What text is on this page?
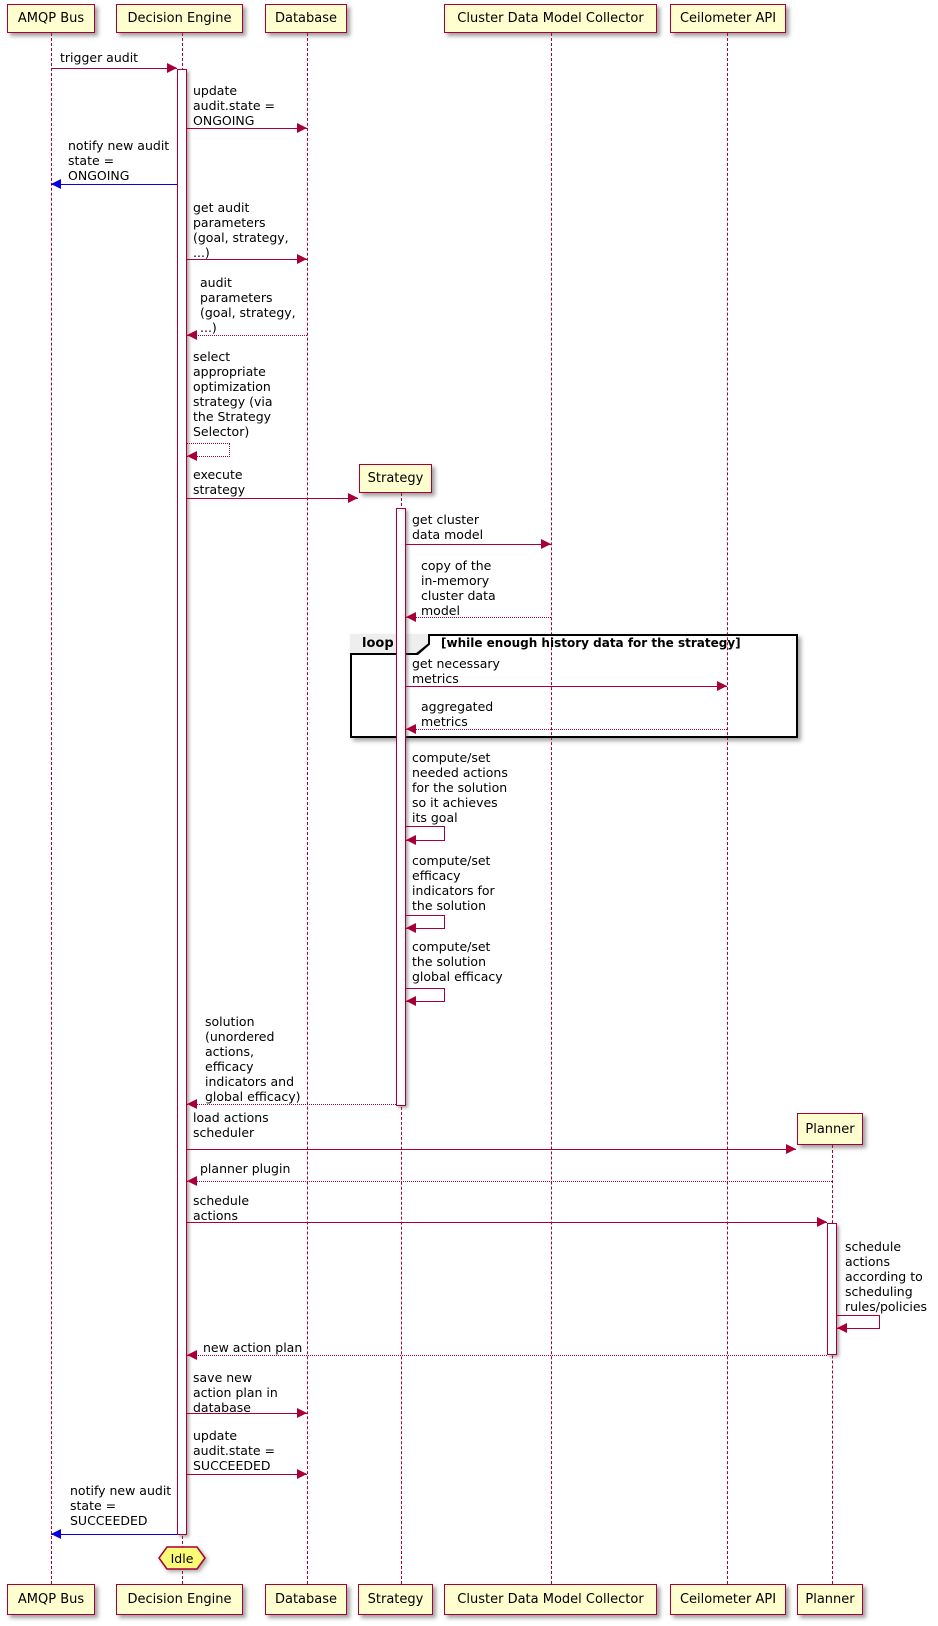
loop	[while enough history data for the strategy]
trigger audit
update
audit.state =
ONGOING
notify new audit
state =
ONGOING
get audit
parameters
(goal, strategy,
...)
audit
parameters
(goal, strategy,
...)
select
appropriate
optimization
strategy (via
the Strategy
Selector)
execute
strategy
get cluster
data model
copy of the
in-memory
cluster data
model
get necessary
metrics
aggregated
metrics
compute/set
needed actions
for the solution
so it achieves
its goal
compute/set
efficacy
indicators for
the solution
compute/set
the solution
global efficacy
solution
(unordered
actions,
efficacy
indicators and
global efficacy)
load actions
scheduler
planner plugin
schedule
actions
schedule
actions
according to
scheduling
rules/policies
new action plan
save new
action plan in
database
update
audit.state =
SUCCEEDED
notify new audit
state =
SUCCEEDED
AMQP Bus
AMQP Bus
Decision Engine
Decision Engine
Database
Database
Strategy
Strategy
Cluster Data Model Collector
Cluster Data Model Collector
Ceilometer API
Ceilometer API
Planner
Planner
Idle
